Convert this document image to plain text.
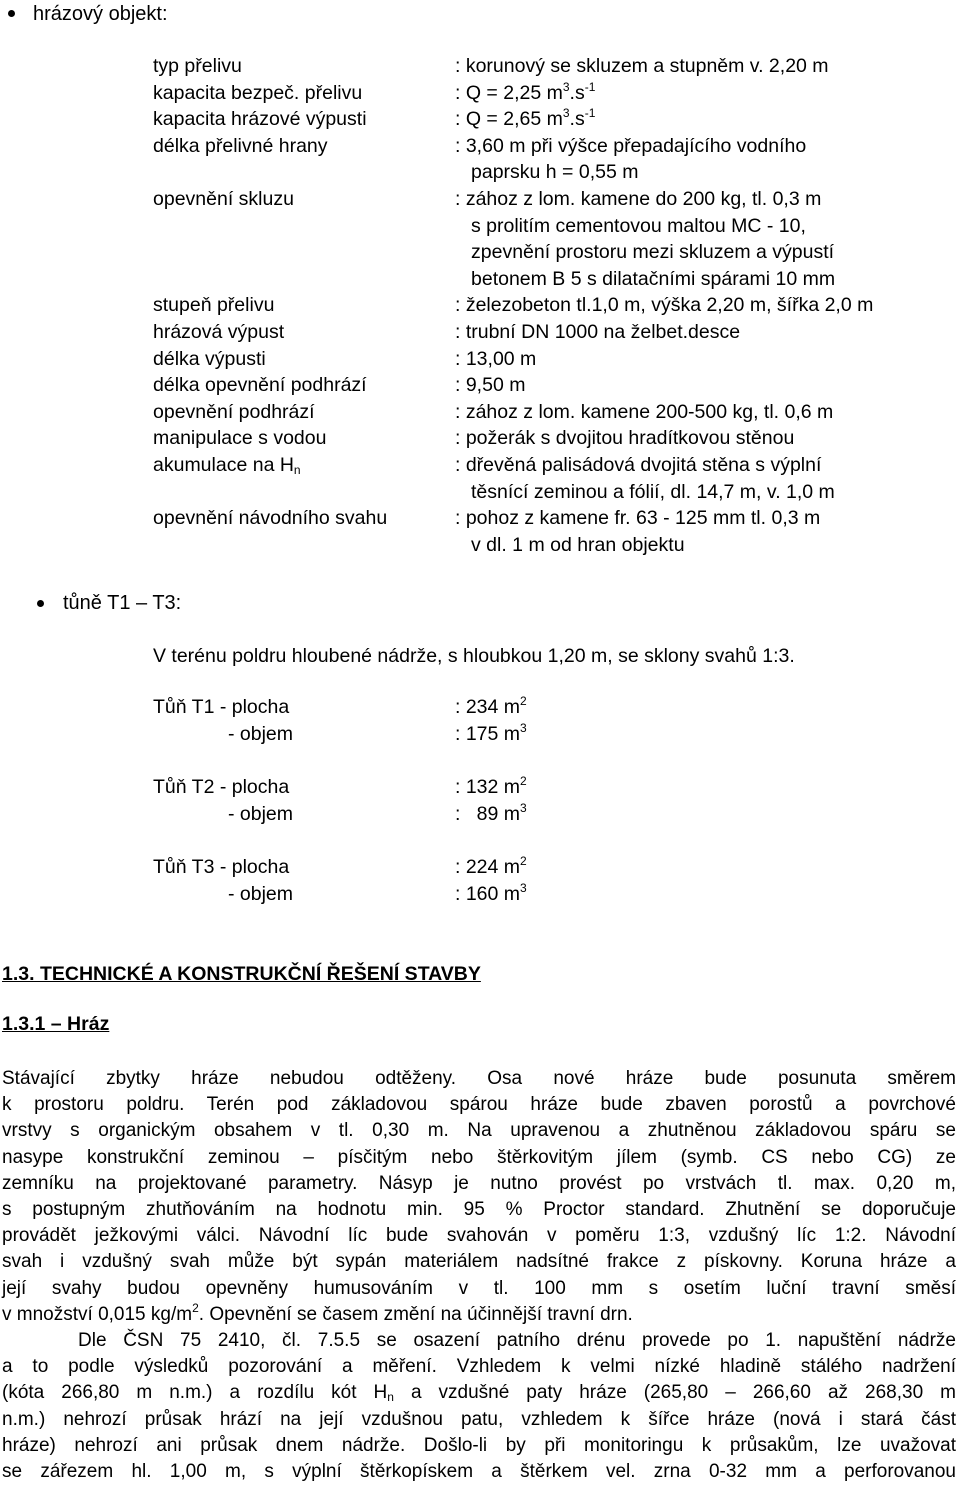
hrázový objekt:
typ přelivu	: korunový se skluzem a stupněm v. 2,20 m
kapacita bezpeč. přelivu	: Q = 2,25 $m^3.s^{-1}$
kapacita hrázové výpusti	: Q = 2,65 $m^3.s^{-1}$
délka přelivné hrany	: 3,60 m při výšce přepadajícího vodního
paprsku h = 0,55 m
opevnění skluzu	: zához z lom. kamene do 200 kg, tl. 0,3 m
s prolitím cementovou maltou MC - 10,
zpevnění prostoru mezi skluzem a výpustí
betonem B 5 s dilatačními spárami 10 mm
stupeň přelivu	: železobeton tl.1,0 m, výška 2,20 m, šířka 2,0 m
hrázová výpust	: trubní DN 1000 na želbet.desce
délka výpusti	: 13,00 m
délka opevnění podhrází	: 9,50 m
opevnění podhrází	: zához z lom. kamene 200-500 kg, tl. 0,6 m
manipulace s vodou	: požerák s dvojitou hradítkovou stěnou
akumulace na $H_n$	: dřevěná palisádová dvojitá stěna s výplní
těsnící zeminou a fólií, dl. 14,7 m, v. 1,0 m
opevnění návodního svahu	: pohoz z kamene fr. 63 - 125 mm tl. 0,3 m
v dl. 1 m od hran objektu
tůně T1 – T3:
V terénu poldru hloubené nádrže, s hloubkou 1,20 m, se sklony svahů 1:3.
Tůň T1 - plocha	: 234 $m^2$
- objem	: 175 $m^3$
Tůň T2 - plocha	: 132 $m^2$
- objem	:   89 $m^3$
Tůň T3 - plocha	: 224 $m^2$
- objem	: 160 $m^3$
1.3. TECHNICKÉ A KONSTRUKČNÍ ŘEŠENÍ STAVBY
1.3.1 – Hráz
Stávající zbytky hráze nebudou odtěženy. Osa nové hráze bude posunuta směrem
k prostoru poldru. Terén pod základovou spárou hráze bude zbaven porostů a povrchové
vrstvy s organickým obsahem v tl. 0,30 m. Na upravenou a zhutněnou základovou spáru se
nasype konstrukční zeminou – písčitým nebo štěrkovitým jílem (symb. CS nebo CG) ze
zemníku na projektované parametry. Násyp je nutno provést po vrstvách tl. max. 0,20 m,
s postupným zhutňováním na hodnotu min. 95 % Proctor standard. Zhutnění se doporučuje
provádět ježkovými válci. Návodní líc bude svahován v poměru 1:3, vzdušný líc 1:2. Návodní
svah i vzdušný svah může být sypán materiálem nadsítné frakce z pískovny. Koruna hráze a
její svahy budou opevněny humusováním v tl. 100 mm s osetím luční travní směsí
v množství 0,015 $kg/m^2$. Opevnění se časem změní na účinnější travní drn.
Dle ČSN 75 2410, čl. 7.5.5 se osazení patního drénu provede po 1. napuštění nádrže
a to podle výsledků pozorování a měření. Vzhledem k velmi nízké hladině stálého nadržení
(kóta 266,80 m n.m.) a rozdílu kót $H_n$ a vzdušné paty hráze (265,80 – 266,60 až 268,30 m
n.m.) nehrozí průsak hrází na její vzdušnou patu, vzhledem k šířce hráze (nová i stará část
hráze) nehrozí ani průsak dnem nádrže. Došlo-li by při monitoringu k průsakům, lze uvažovat
se zářezem hl. 1,00 m, s výplní štěrkopískem a štěrkem vel. zrna 0-32 mm a perforovanou
